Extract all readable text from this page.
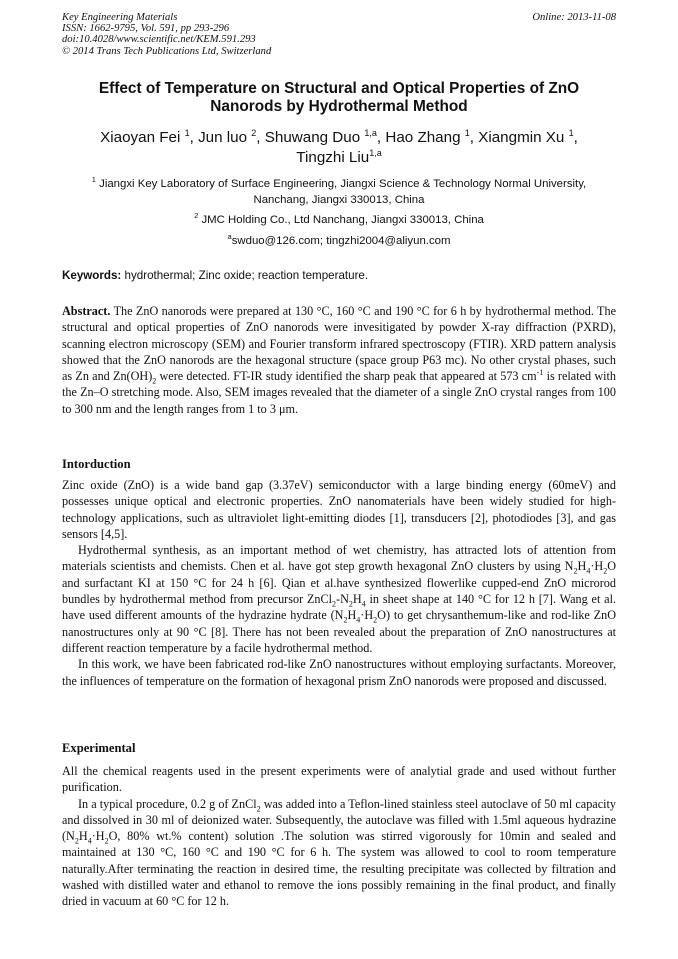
Key Engineering Materials
ISSN: 1662-9795, Vol. 591, pp 293-296
doi:10.4028/www.scientific.net/KEM.591.293
© 2014 Trans Tech Publications Ltd, Switzerland
Online: 2013-11-08
Effect of Temperature on Structural and Optical Properties of ZnO
Nanorods by Hydrothermal Method
Xiaoyan Fei $^1$, Jun luo $^2$, Shuwang Duo $^{1,a}$, Hao Zhang $^1$, Xiangmin Xu $^1$,
Tingzhi Liu$^{1,a}$
$^1$ Jiangxi Key Laboratory of Surface Engineering, Jiangxi Science & Technology Normal University,
Nanchang, Jiangxi 330013, China
$^2$ JMC Holding Co., Ltd Nanchang, Jiangxi 330013, China
$^a$swduo@126.com; tingzhi2004@aliyun.com
Keywords: hydrothermal; Zinc oxide; reaction temperature.

Abstract. The ZnO nanorods were prepared at 130 °C, 160 °C and 190 °C for 6 h by hydrothermal method. The structural and optical properties of ZnO nanorods were invesitigated by powder X-ray diffraction (PXRD), scanning electron microscopy (SEM) and Fourier transform infrared spectroscopy (FTIR). XRD pattern analysis showed that the ZnO nanorods are the hexagonal structure (space group P63 mc). No other crystal phases, such as Zn and $Zn(OH)_2$ were detected. FT-IR study identified the sharp peak that appeared at 573 $cm^{-1}$ is related with the Zn–O stretching mode. Also, SEM images revealed that the diameter of a single ZnO crystal ranges from 100 to 300 nm and the length ranges from 1 to 3 μm.

Intorduction

Zinc oxide (ZnO) is a wide band gap (3.37eV) semiconductor with a large binding energy (60meV) and possesses unique optical and electronic properties. ZnO nanomaterials have been widely studied for high-technology applications, such as ultraviolet light-emitting diodes [1], transducers [2], photodiodes [3], and gas sensors [4,5].

Hydrothermal synthesis, as an important method of wet chemistry, has attracted lots of attention from materials scientists and chemists. Chen et al. have got step growth hexagonal ZnO clusters by using $N_2H_4\cdot H_2O$ and surfactant KI at 150 °C for 24 h [6]. Qian et al.have synthesized flowerlike cupped-end ZnO microrod bundles by hydrothermal method from precursor $ZnCl_2-N_2H_4$ in sheet shape at 140 °C for 12 h [7]. Wang et al. have used different amounts of the hydrazine hydrate $(N_2H_4\cdot H_2O)$ to get chrysanthemum-like and rod-like ZnO nanostructures only at 90 °C [8]. There has not been revealed about the preparation of ZnO nanostructures at different reaction temperature by a facile hydrothermal method.

In this work, we have been fabricated rod-like ZnO nanostructures without employing surfactants. Moreover, the influences of temperature on the formation of hexagonal prism ZnO nanorods were proposed and discussed.

Experimental

All the chemical reagents used in the present experiments were of analytial grade and used without further purification.

In a typical procedure, 0.2 g of ZnCl$_2$ was added into a Teflon-lined stainless steel autoclave of 50 ml capacity and dissolved in 30 ml of deionized water. Subsequently, the autoclave was filled with 1.5ml aqueous hydrazine ($N_2H_4\cdot H_2O$, 80% wt.% content) solution .The solution was stirred vigorously for 10min and sealed and maintained at 130 °C, 160 °C and 190 °C for 6 h. The system was allowed to cool to room temperature naturally.After terminating the reaction in desired time, the resulting precipitate was collected by filtration and washed with distilled water and ethanol to remove the ions possibly remaining in the final product, and finally dried in vacuum at 60 °C for 12 h.
